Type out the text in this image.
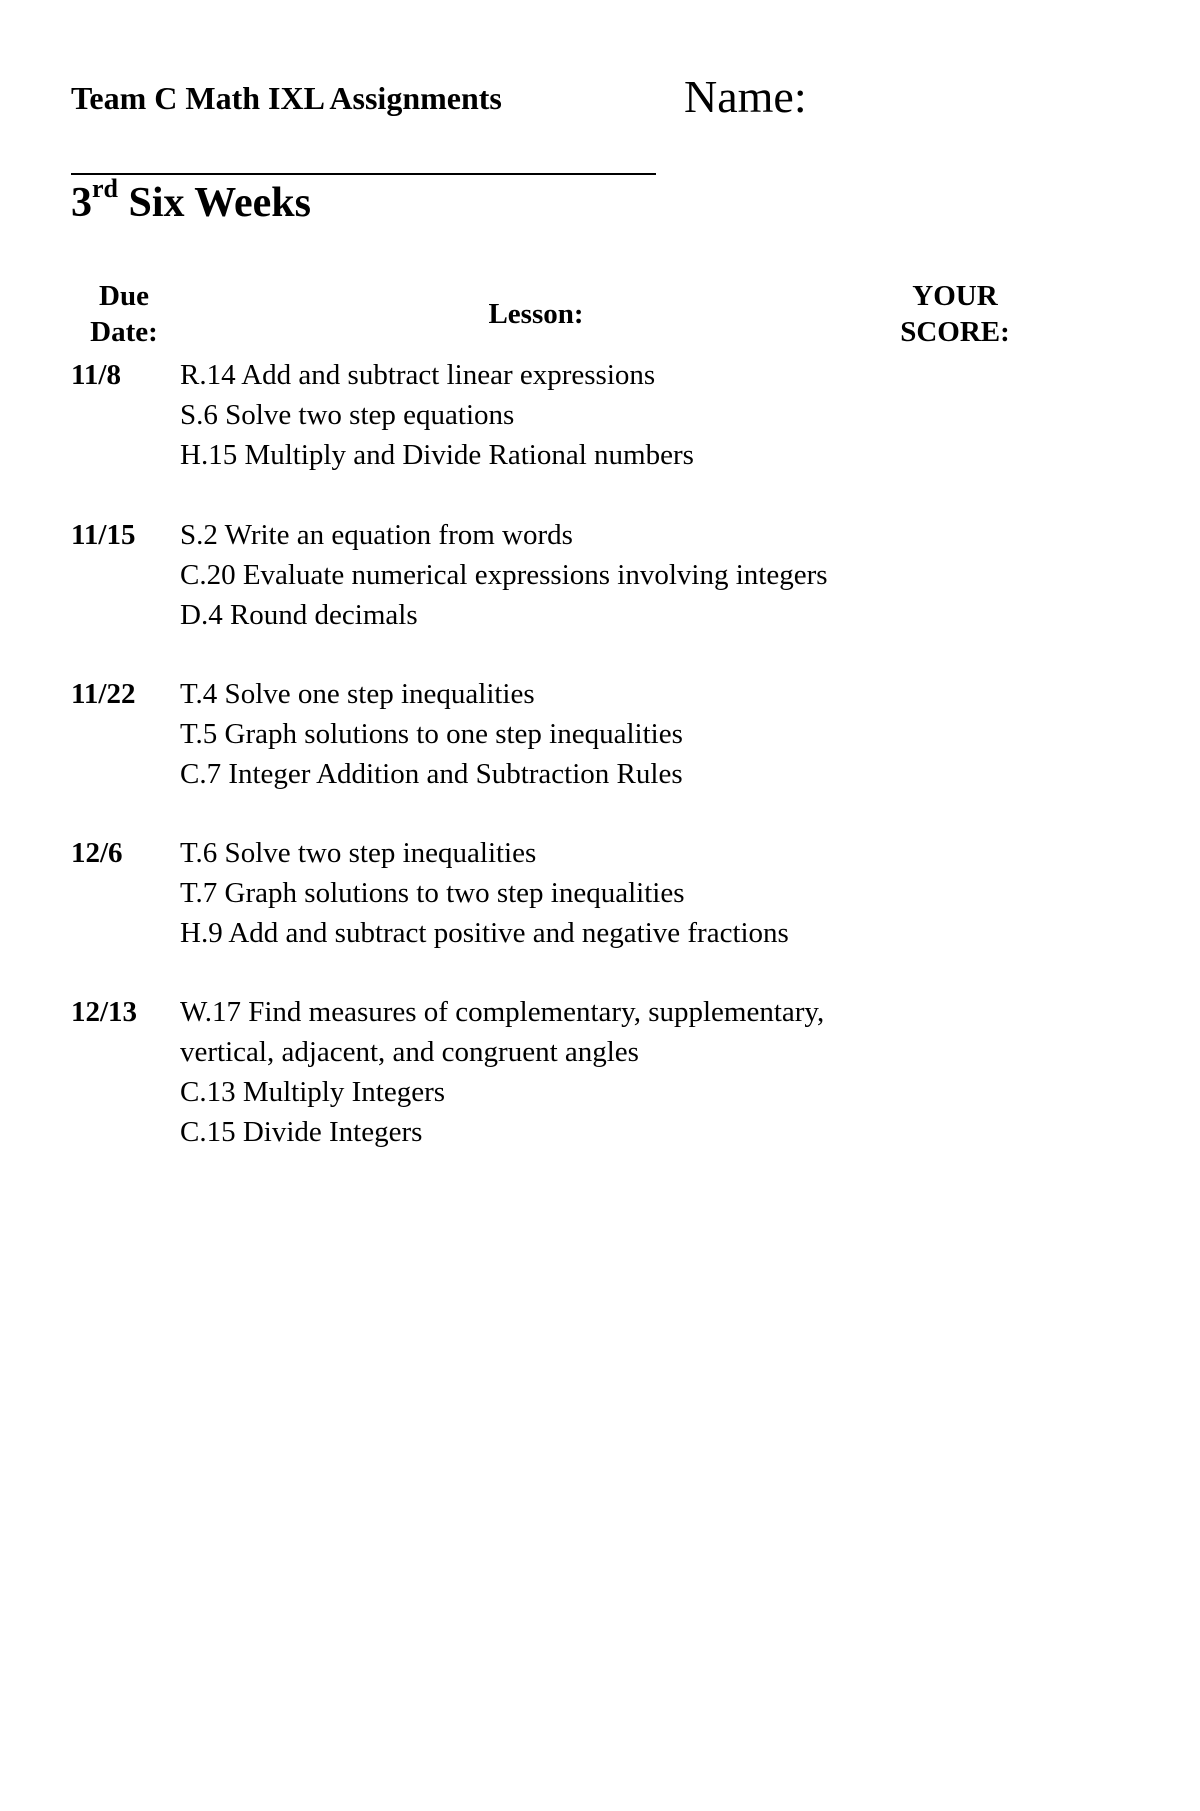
Team C Math IXL Assignments	Name:
3rd Six Weeks
Due
Date:
Lesson:
YOUR
SCORE:
11/8 R.14 Add and subtract linear expressions
S.6 Solve two step equations
H.15 Multiply and Divide Rational numbers
11/15 S.2 Write an equation from words
C.20 Evaluate numerical expressions involving integers
D.4 Round decimals
11/22 T.4 Solve one step inequalities
T.5 Graph solutions to one step inequalities
C.7 Integer Addition and Subtraction Rules
12/6 T.6 Solve two step inequalities
T.7 Graph solutions to two step inequalities
H.9 Add and subtract positive and negative fractions
12/13 W.17 Find measures of complementary, supplementary,
vertical, adjacent, and congruent angles
C.13 Multiply Integers
C.15 Divide Integers
